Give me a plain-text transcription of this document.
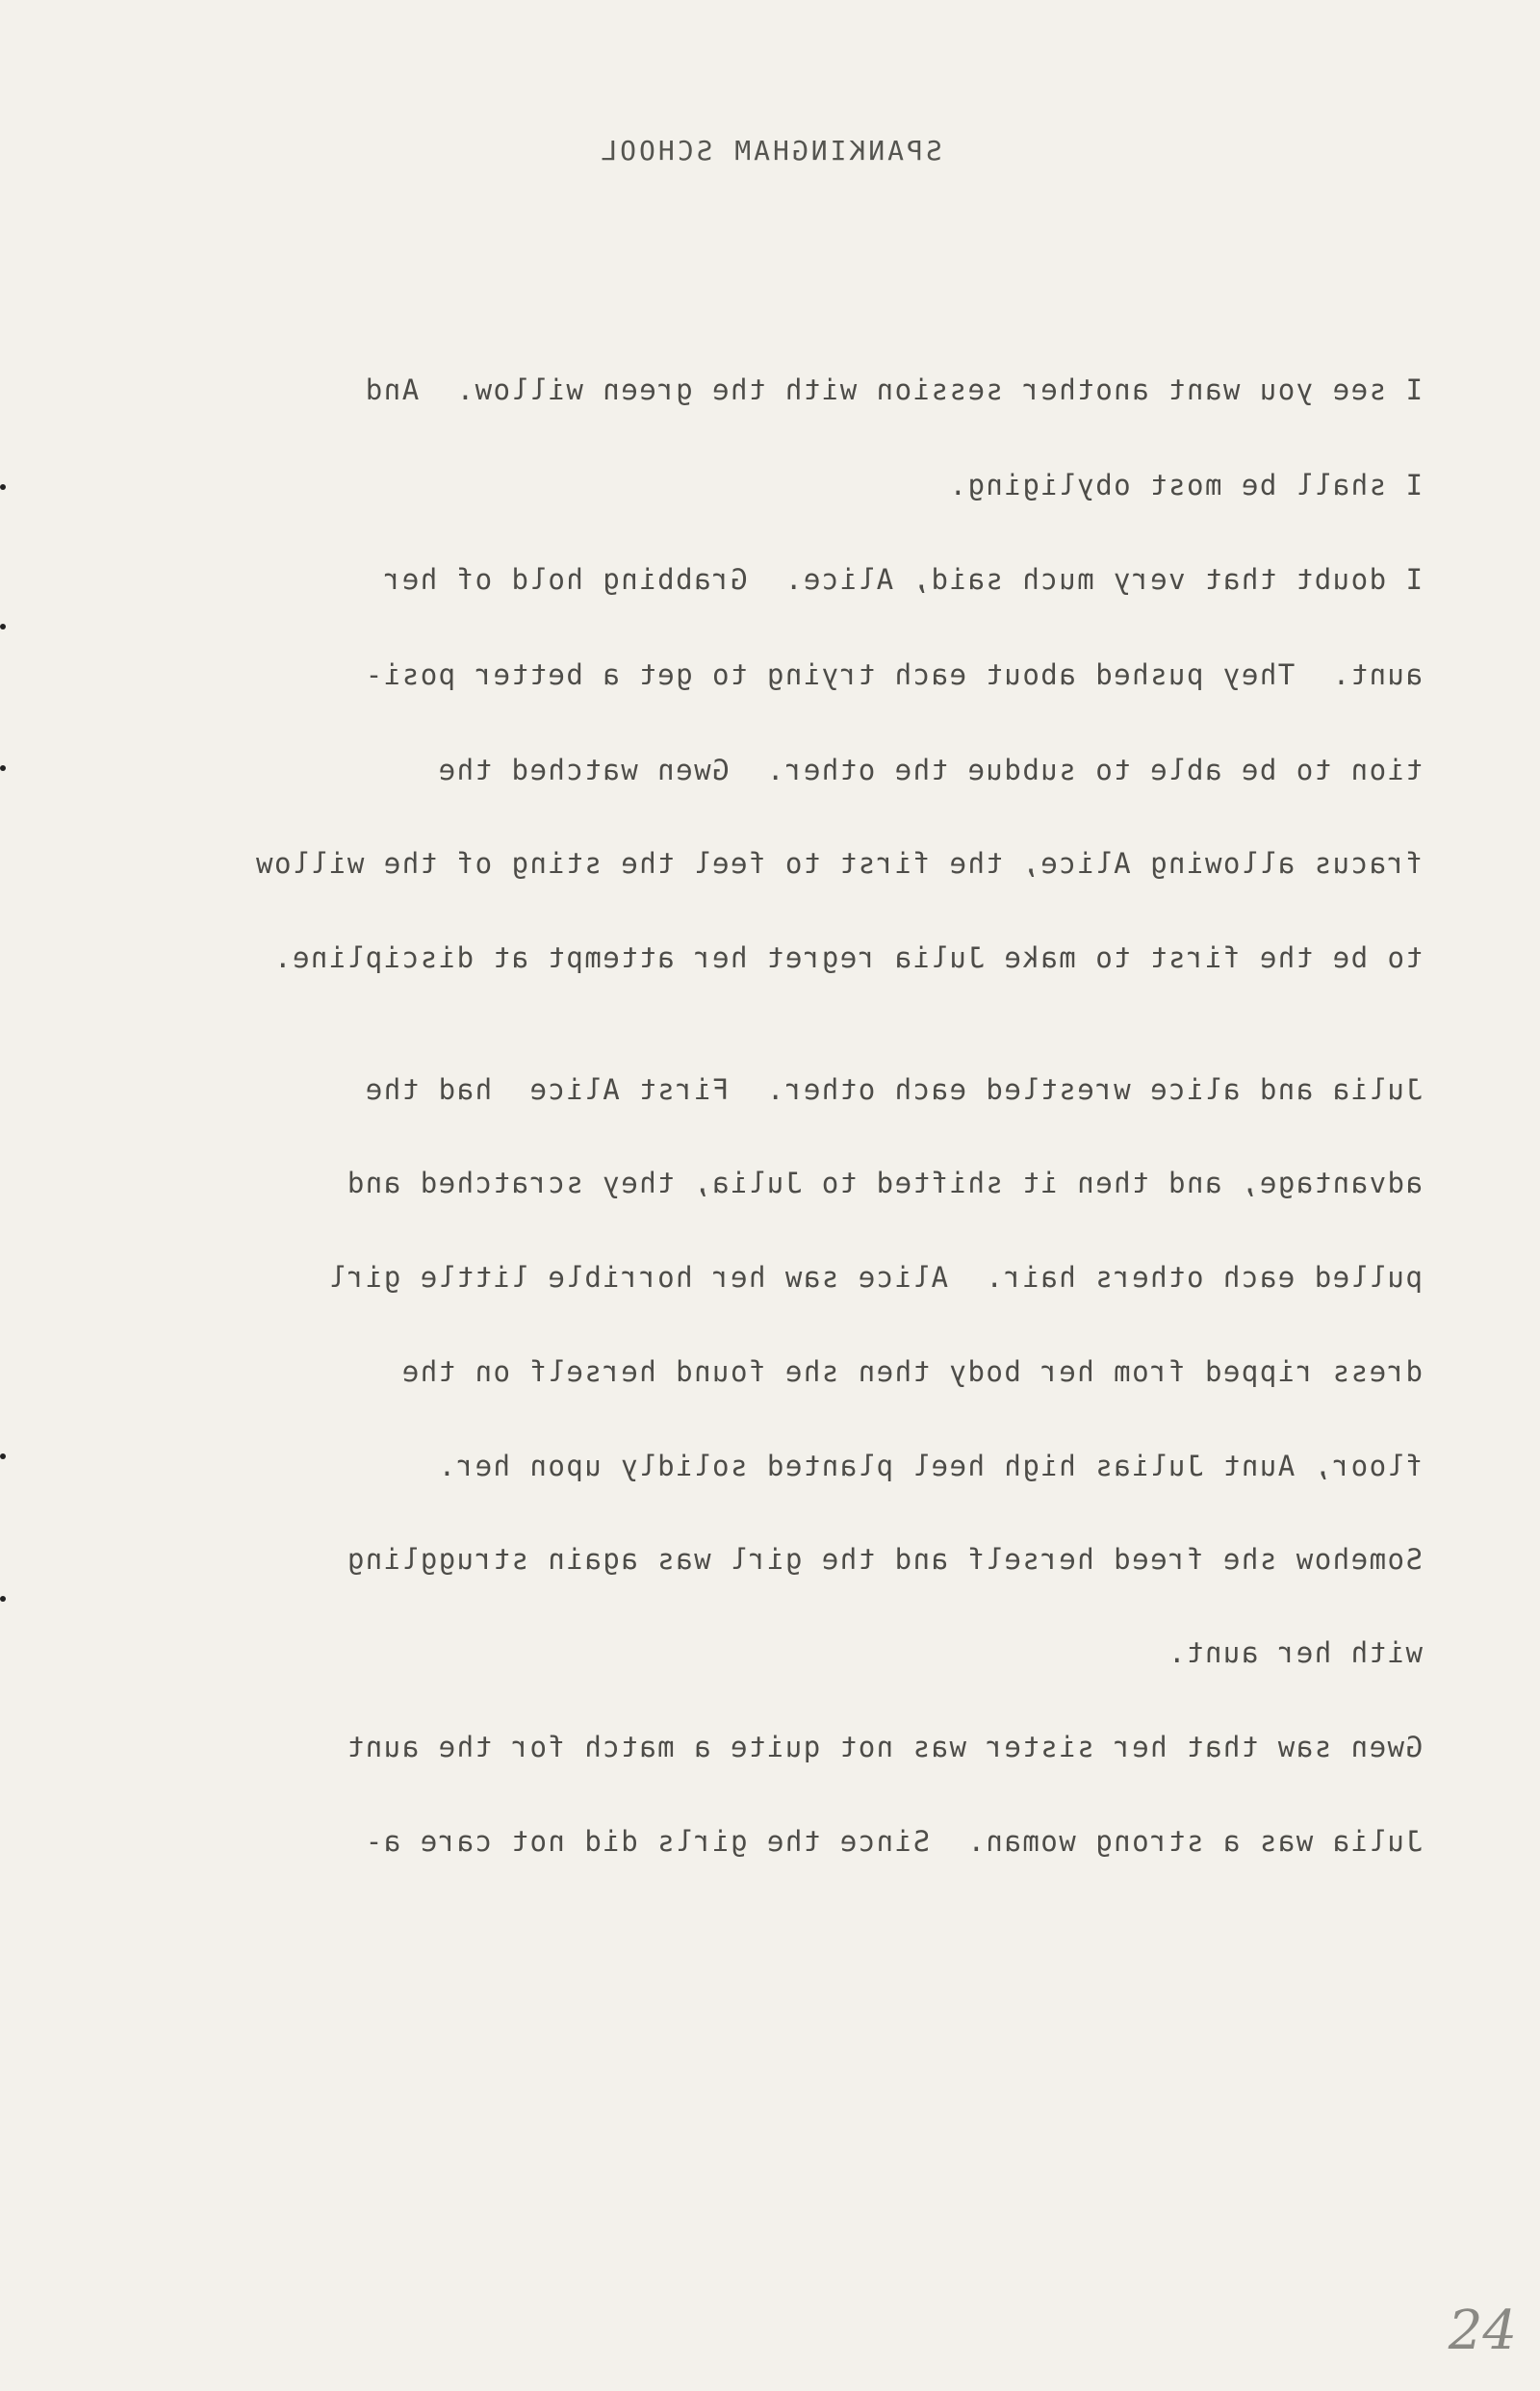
SPANKINGHAM SCHOOL
I see you want another session with the green willow.  And
I shall be most obyliging.
I doubt that very much said, Alice.  Grabbing hold of her
aunt.  They pushed about each trying to get a better posi-
tion to be able to subdue the other.  Gwen watched the
fracus allowing Alice, the first to feel the sting of the willow
to be the first to make Julia regret her attempt at discipline.
Julia and alice wrestled each other.  First Alice  had the
advantage, and then it shifted to Julia, they scratched and
pulled each others hair.  Alice saw her horrible little girl
dress ripped from her body then she found herself on the
floor, Aunt Julias high heel planted solidly upon her.
Somehow she freed herself and the girl was again struggling
with her aunt.
Gwen saw that her sister was not quite a match for the aunt
Julia was a strong woman.  Since the girls did not care a-
24
